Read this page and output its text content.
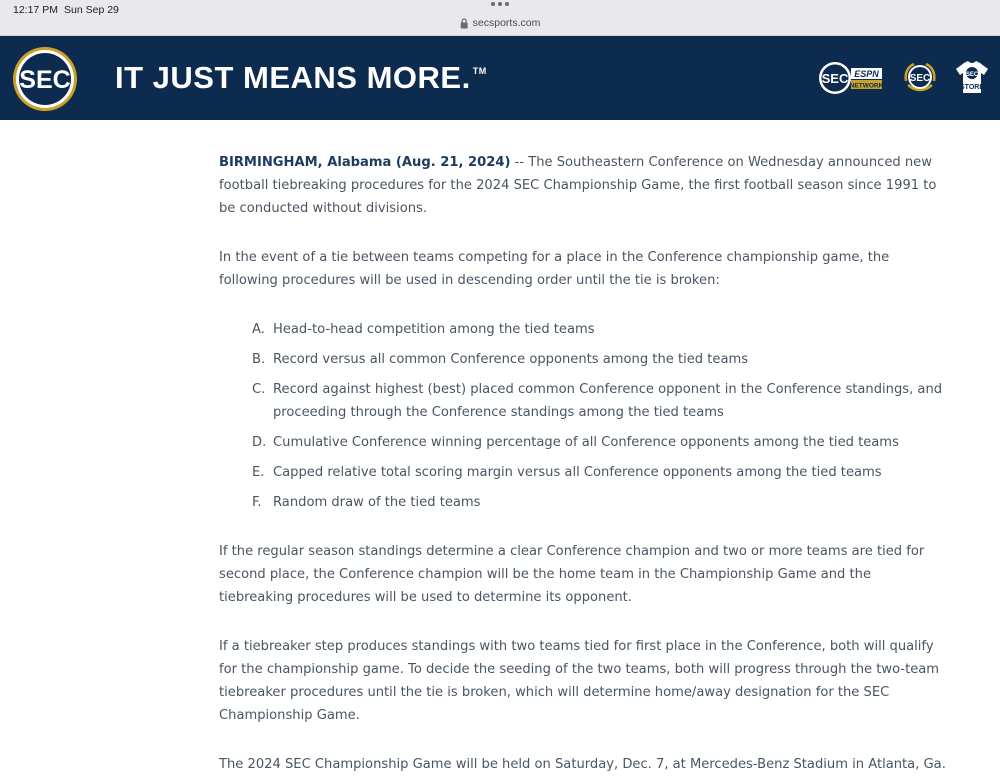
12:17 PM Sun Sep 29
secsports.com
SEC IT JUST MEANS MORE. ™	SEC ESPN
NETWORK
SEC	SEC
STORE

BIRMINGHAM, Alabama (Aug. 21, 2024) -- The Southeastern Conference on Wednesday announced new football tiebreaking procedures for the 2024 SEC Championship Game, the first football season since 1991 to be conducted without divisions.

In the event of a tie between teams competing for a place in the Conference championship game, the following procedures will be used in descending order until the tie is broken:

A. Head-to-head competition among the tied teams
B. Record versus all common Conference opponents among the tied teams
C. Record against highest (best) placed common Conference opponent in the Conference standings, and proceeding through the Conference standings among the tied teams
D. Cumulative Conference winning percentage of all Conference opponents among the tied teams
E. Capped relative total scoring margin versus all Conference opponents among the tied teams
F. Random draw of the tied teams

If the regular season standings determine a clear Conference champion and two or more teams are tied for second place, the Conference champion will be the home team in the Championship Game and the tiebreaking procedures will be used to determine its opponent.

If a tiebreaker step produces standings with two teams tied for first place in the Conference, both will qualify for the championship game. To decide the seeding of the two teams, both will progress through the two-team tiebreaker procedures until the tie is broken, which will determine home/away designation for the SEC Championship Game.

The 2024 SEC Championship Game will be held on Saturday, Dec. 7, at Mercedes-Benz Stadium in Atlanta, Ga.
